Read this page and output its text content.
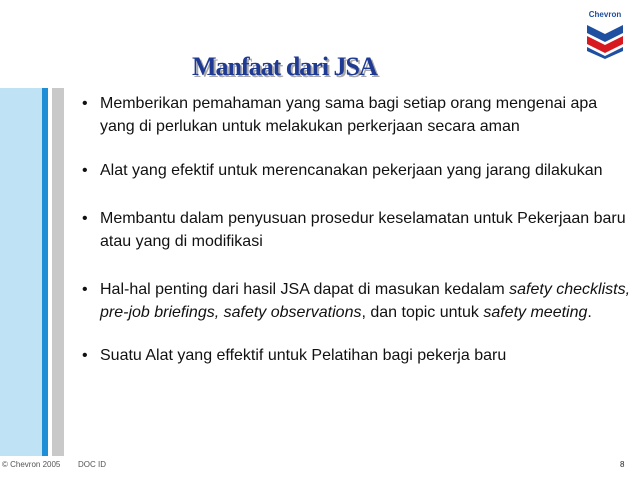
Chevron
Manfaat dari JSA
• Memberikan pemahaman yang sama bagi setiap orang mengenai apa yang di perlukan untuk melakukan perkerjaan secara aman
• Alat yang efektif untuk merencanakan pekerjaan yang jarang dilakukan
• Membantu dalam penyusuan prosedur keselamatan untuk Pekerjaan baru atau yang di modifikasi
• Hal-hal penting dari hasil JSA dapat di masukan kedalam safety checklists, pre-job briefings, safety observations, dan topic untuk safety meeting.
• Suatu Alat yang effektif untuk Pelatihan bagi pekerja baru
© Chevron 2005 DOC ID	8
